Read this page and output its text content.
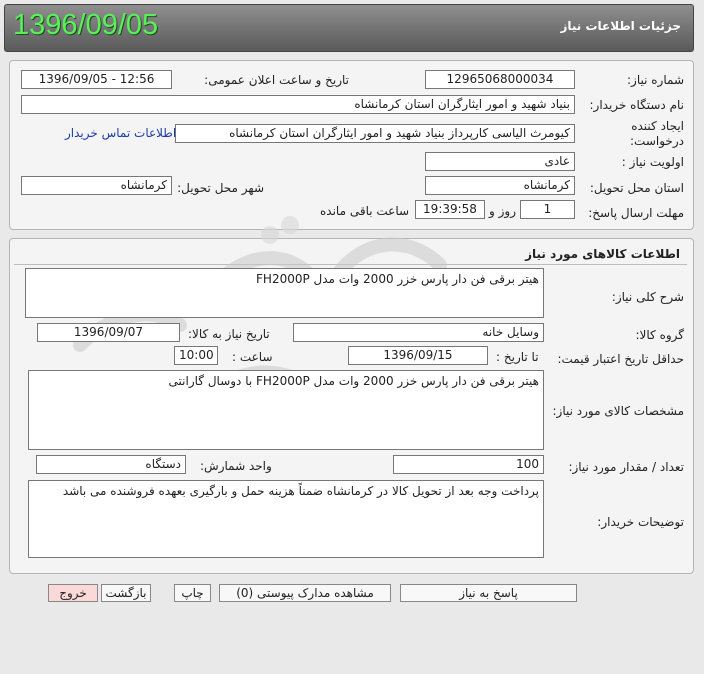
1396/09/05	جزئیات اطلاعات نیاز
شماره نیاز:
12965068000034
تاریخ و ساعت اعلان عمومی:
1396/09/05 - 12:56
نام دستگاه خریدار:
بنیاد شهید و امور ایثارگران استان کرمانشاه
ایجاد کننده
درخواست:
کیومرث الیاسی کارپرداز بنیاد شهید و امور ایثارگران استان کرمانشاه
اطلاعات تماس خریدار
اولویت نیاز :
عادی
استان محل تحویل:
کرمانشاه
شهر محل تحویل:
کرمانشاه
مهلت ارسال پاسخ:
1
روز و
19:39:58
ساعت باقی مانده
اطلاعات کالاهای مورد نیاز
شرح کلی نیاز:
هیتر برقی فن دار پارس خزر 2000 وات مدل FH2000P
گروه کالا:
وسایل خانه
تاریخ نیاز به کالا:
1396/09/07
حداقل تاریخ اعتبار قیمت:
تا تاریخ :
1396/09/15
ساعت :
10:00
مشخصات کالای مورد نیاز:
هیتر برقی فن دار پارس خزر 2000 وات مدل FH2000P با دوسال گارانتی
تعداد / مقدار مورد نیاز:
100
واحد شمارش:
دستگاه
توضیحات خریدار:
پرداخت وجه بعد از تحویل کالا در کرمانشاه ضمناً هزینه حمل و بارگیری بعهده فروشنده می باشد
پاسخ به نیاز
مشاهده مدارک پیوستی (0)
چاپ
بازگشت
خروج
